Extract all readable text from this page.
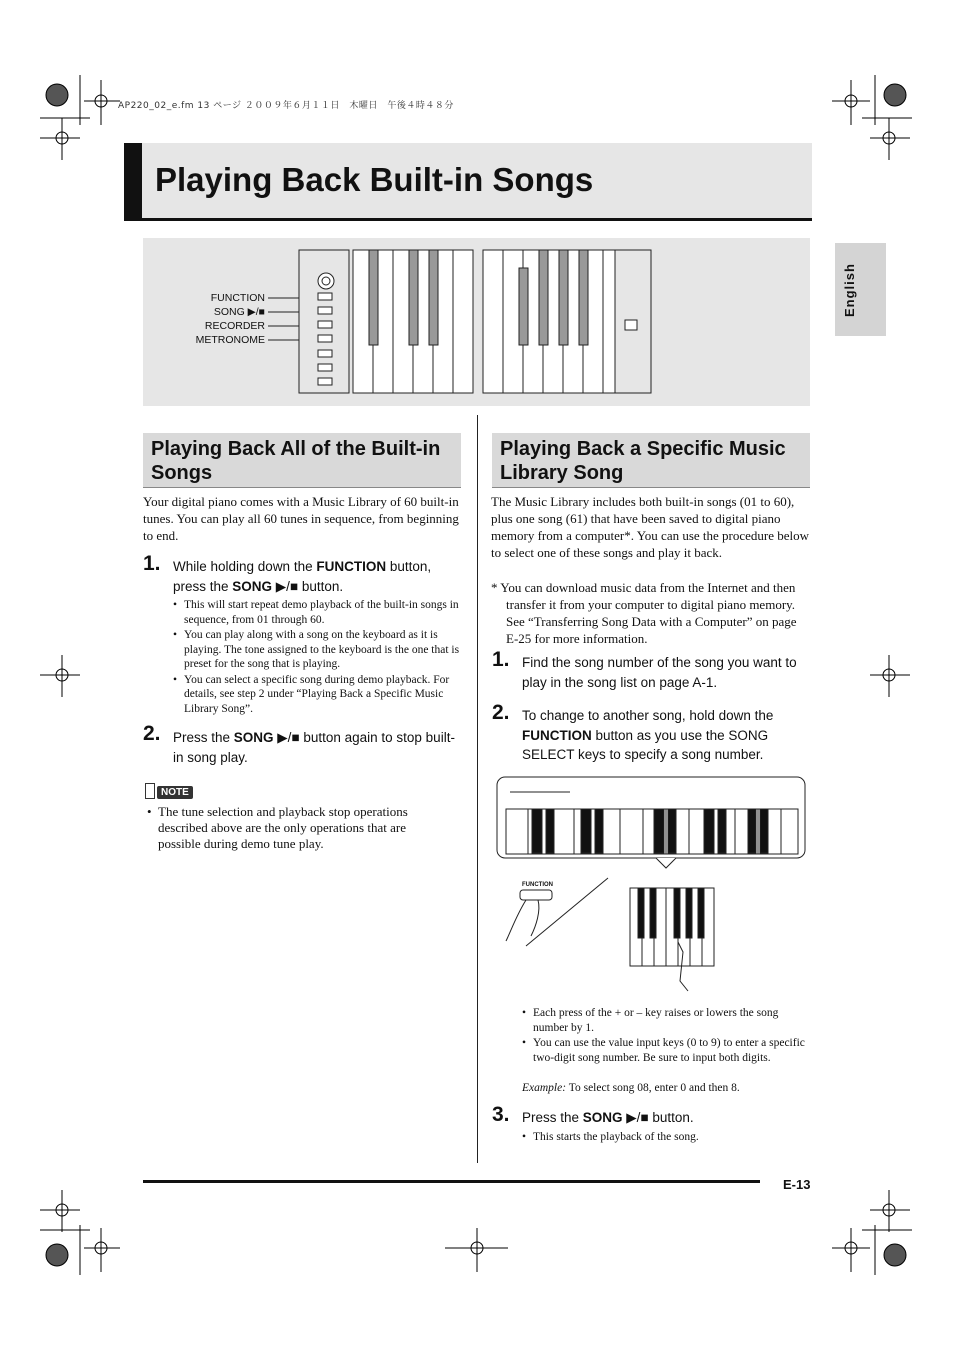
AP220_02_e.fm 13 ページ ２００９年６月１１日　木曜日　午後４時４８分
Playing Back Built-in Songs
English
FUNCTION
SONG ▶/■
RECORDER
METRONOME
Playing Back All of the Built-in Songs
Your digital piano comes with a Music Library of 60 built-in tunes. You can play all 60 tunes in sequence, from beginning to end.
1. While holding down the FUNCTION button, press the SONG ▶/■ button.
• This will start repeat demo playback of the built-in songs in sequence, from 01 through 60.
• You can play along with a song on the keyboard as it is playing. The tone assigned to the keyboard is the one that is preset for the song that is playing.
• You can select a specific song during demo playback. For details, see step 2 under “Playing Back a Specific Music Library Song”.
2. Press the SONG ▶/■ button again to stop built-in song play.
NOTE
• The tune selection and playback stop operations described above are the only operations that are possible during demo tune play.
Playing Back a Specific Music Library Song
The Music Library includes both built-in songs (01 to 60), plus one song (61) that have been saved to digital piano memory from a computer*. You can use the procedure below to select one of these songs and play it back.
* You can download music data from the Internet and then transfer it from your computer to digital piano memory. See “Transferring Song Data with a Computer” on page E-25 for more information.
1. Find the song number of the song you want to play in the song list on page A-1.
2. To change to another song, hold down the FUNCTION button as you use the SONG SELECT keys to specify a song number.
FUNCTION
• Each press of the + or – key raises or lowers the song number by 1.
• You can use the value input keys (0 to 9) to enter a specific two-digit song number. Be sure to input both digits.
Example: To select song 08, enter 0 and then 8.
3. Press the SONG ▶/■ button.
• This starts the playback of the song.
E-13
